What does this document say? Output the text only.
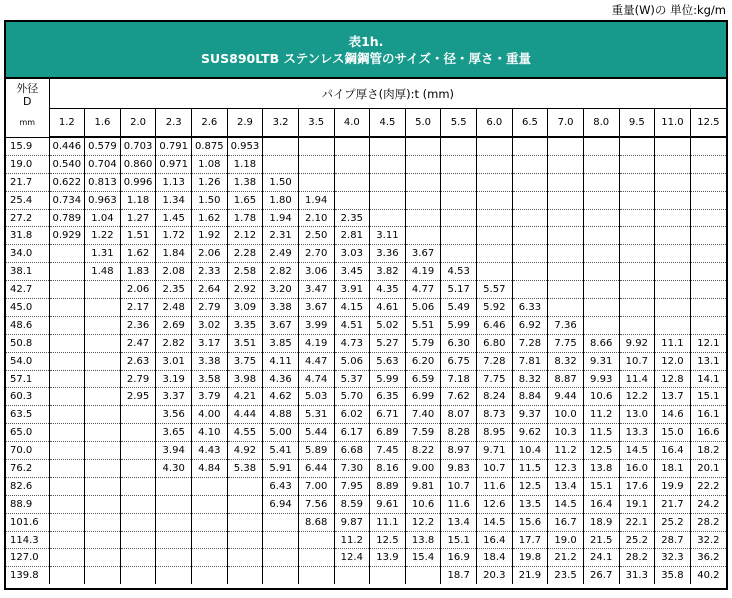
重量(W)の 単位:kg/m
表1h.
SUS890LTB ステンレス鋼鋼管のサイズ・径・厚さ・重量
外径
D
mm	パイプ厚さ(肉厚):t (mm)																		
	1.2	1.6	2.0	2.3	2.6	2.9	3.2	3.5	4.0	4.5	5.0	5.5	6.0	6.5	7.0	8.0	9.5	11.0	12.5
15.9	0.446	0.579	0.703	0.791	0.875	0.953													
19.0	0.540	0.704	0.860	0.971	1.08	1.18													
21.7	0.622	0.813	0.996	1.13	1.26	1.38	1.50												
25.4	0.734	0.963	1.18	1.34	1.50	1.65	1.80	1.94											
27.2	0.789	1.04	1.27	1.45	1.62	1.78	1.94	2.10	2.35										
31.8	0.929	1.22	1.51	1.72	1.92	2.12	2.31	2.50	2.81	3.11									
34.0		1.31	1.62	1.84	2.06	2.28	2.49	2.70	3.03	3.36	3.67								
38.1		1.48	1.83	2.08	2.33	2.58	2.82	3.06	3.45	3.82	4.19	4.53							
42.7			2.06	2.35	2.64	2.92	3.20	3.47	3.91	4.35	4.77	5.17	5.57						
45.0			2.17	2.48	2.79	3.09	3.38	3.67	4.15	4.61	5.06	5.49	5.92	6.33					
48.6			2.36	2.69	3.02	3.35	3.67	3.99	4.51	5.02	5.51	5.99	6.46	6.92	7.36				
50.8			2.47	2.82	3.17	3.51	3.85	4.19	4.73	5.27	5.79	6.30	6.80	7.28	7.75	8.66	9.92	11.1	12.1
54.0			2.63	3.01	3.38	3.75	4.11	4.47	5.06	5.63	6.20	6.75	7.28	7.81	8.32	9.31	10.7	12.0	13.1
57.1			2.79	3.19	3.58	3.98	4.36	4.74	5.37	5.99	6.59	7.18	7.75	8.32	8.87	9.93	11.4	12.8	14.1
60.3			2.95	3.37	3.79	4.21	4.62	5.03	5.70	6.35	6.99	7.62	8.24	8.84	9.44	10.6	12.2	13.7	15.1
63.5				3.56	4.00	4.44	4.88	5.31	6.02	6.71	7.40	8.07	8.73	9.37	10.0	11.2	13.0	14.6	16.1
65.0				3.65	4.10	4.55	5.00	5.44	6.17	6.89	7.59	8.28	8.95	9.62	10.3	11.5	13.3	15.0	16.6
70.0				3.94	4.43	4.92	5.41	5.89	6.68	7.45	8.22	8.97	9.71	10.4	11.2	12.5	14.5	16.4	18.2
76.2				4.30	4.84	5.38	5.91	6.44	7.30	8.16	9.00	9.83	10.7	11.5	12.3	13.8	16.0	18.1	20.1
82.6							6.43	7.00	7.95	8.89	9.81	10.7	11.6	12.5	13.4	15.1	17.6	19.9	22.2
88.9							6.94	7.56	8.59	9.61	10.6	11.6	12.6	13.5	14.5	16.4	19.1	21.7	24.2
101.6								8.68	9.87	11.1	12.2	13.4	14.5	15.6	16.7	18.9	22.1	25.2	28.2
114.3									11.2	12.5	13.8	15.1	16.4	17.7	19.0	21.5	25.2	28.7	32.2
127.0									12.4	13.9	15.4	16.9	18.4	19.8	21.2	24.1	28.2	32.3	36.2
139.8												18.7	20.3	21.9	23.5	26.7	31.3	35.8	40.2
